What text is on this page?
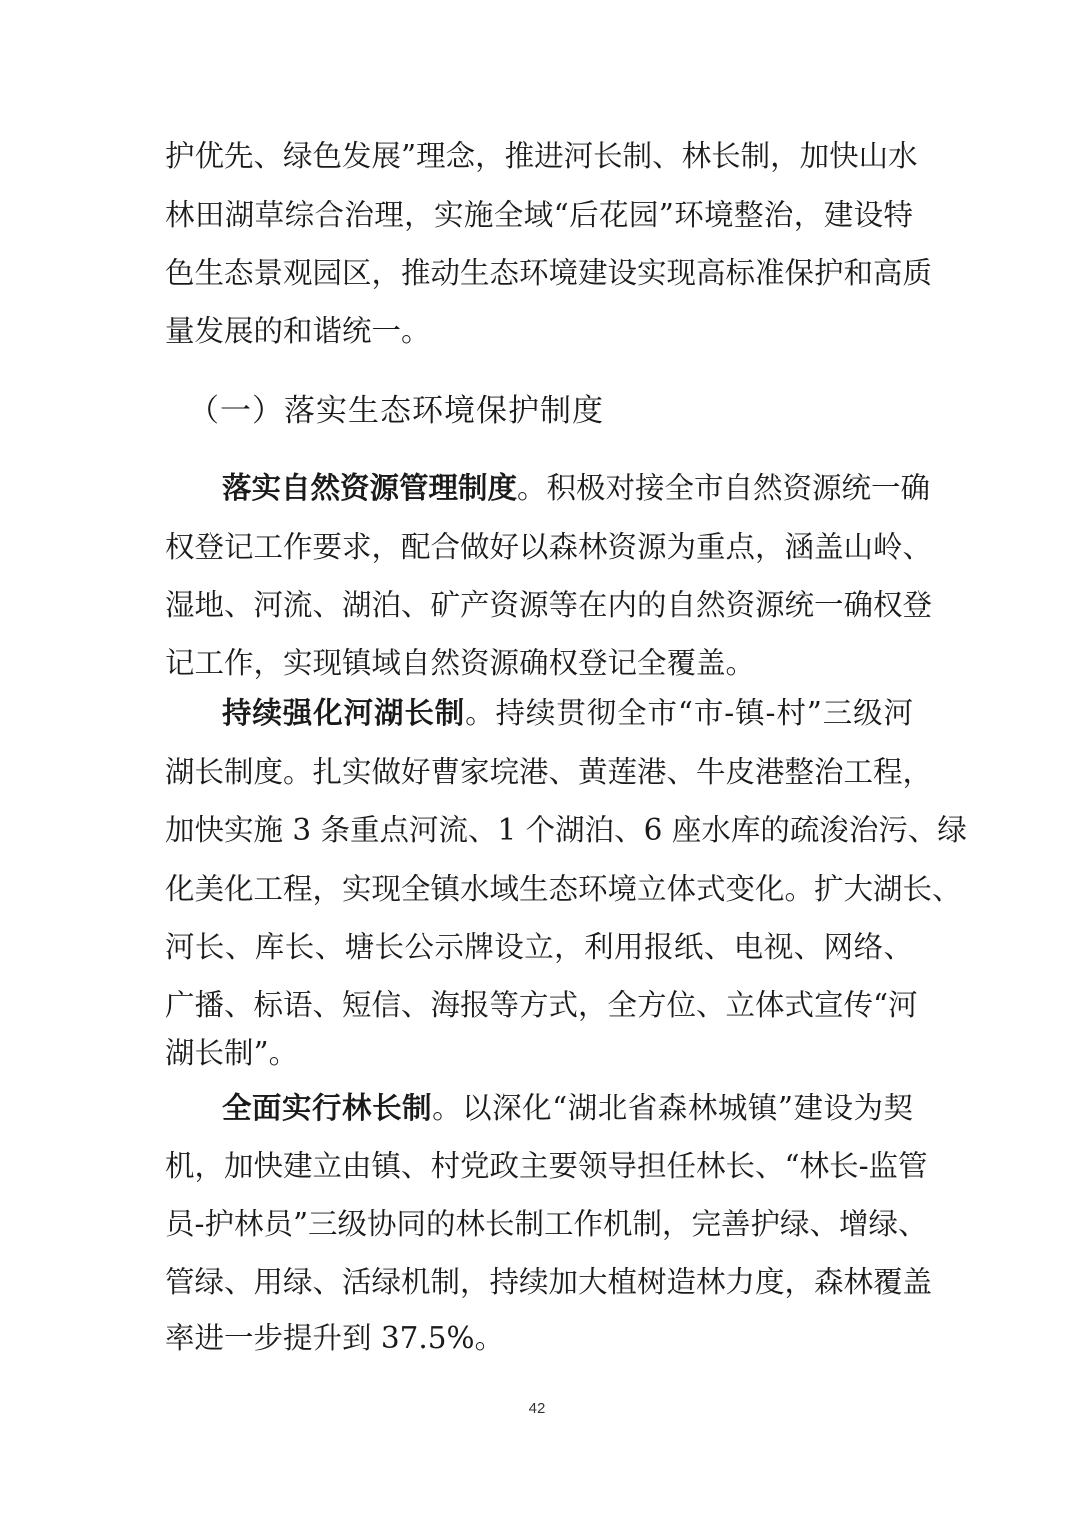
护优先、绿色发展”理念，推进河长制、林长制，加快山水
林田湖草综合治理，实施全域“后花园”环境整治，建设特
色生态景观园区，推动生态环境建设实现高标准保护和高质
量发展的和谐统一。
（一）落实生态环境保护制度
落实自然资源管理制度。积极对接全市自然资源统一确
权登记工作要求，配合做好以森林资源为重点，涵盖山岭、
湿地、河流、湖泊、矿产资源等在内的自然资源统一确权登
记工作，实现镇域自然资源确权登记全覆盖。
持续强化河湖长制。持续贯彻全市“市-镇-村”三级河
湖长制度。扎实做好曹家垸港、黄莲港、牛皮港整治工程，
加快实施 3 条重点河流、1 个湖泊、6 座水库的疏浚治污、绿
化美化工程，实现全镇水域生态环境立体式变化。扩大湖长、
河长、库长、塘长公示牌设立，利用报纸、电视、网络、
广播、标语、短信、海报等方式，全方位、立体式宣传“河
湖长制”。
全面实行林长制。以深化“湖北省森林城镇”建设为契
机，加快建立由镇、村党政主要领导担任林长、“林长-监管
员-护林员”三级协同的林长制工作机制，完善护绿、增绿、
管绿、用绿、活绿机制，持续加大植树造林力度，森林覆盖
率进一步提升到 37.5%。
42
